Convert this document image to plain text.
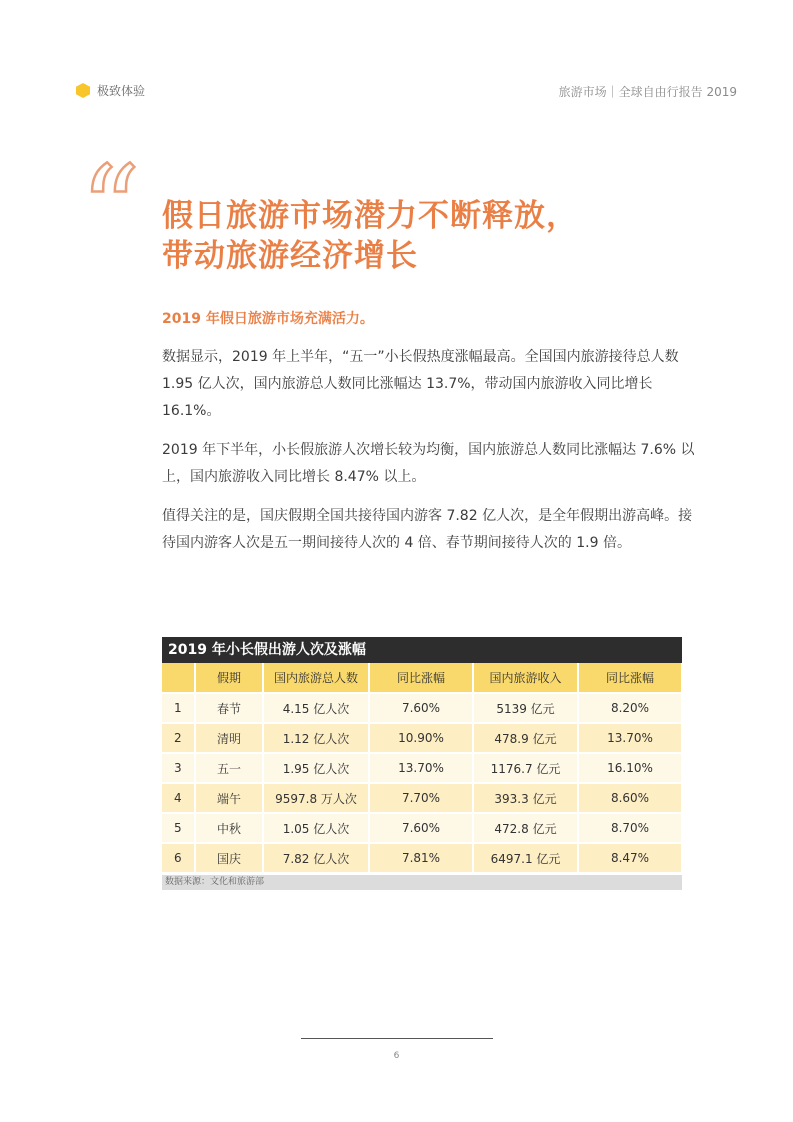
极致体验	旅游市场｜全球自由行报告 2019
“ 假日旅游市场潜力不断释放，
带动旅游经济增长
2019 年假日旅游市场充满活力。
数据显示，2019 年上半年，“五一”小长假热度涨幅最高。全国国内旅游接待总人数 1.95 亿人次，国内旅游总人数同比涨幅达 13.7%，带动国内旅游收入同比增长 16.1%。
2019 年下半年，小长假旅游人次增长较为均衡，国内旅游总人数同比涨幅达 7.6% 以上，国内旅游收入同比增长 8.47% 以上。
值得关注的是，国庆假期全国共接待国内游客 7.82 亿人次，是全年假期出游高峰。接待国内游客人次是五一期间接待人次的 4 倍、春节期间接待人次的 1.9 倍。
2019 年小长假出游人次及涨幅
	假期	国内旅游总人数	同比涨幅	国内旅游收入	同比涨幅
1	春节	4.15 亿人次	7.60%	5139 亿元	8.20%
2	清明	1.12 亿人次	10.90%	478.9 亿元	13.70%
3	五一	1.95 亿人次	13.70%	1176.7 亿元	16.10%
4	端午	9597.8 万人次	7.70%	393.3 亿元	8.60%
5	中秋	1.05 亿人次	7.60%	472.8 亿元	8.70%
6	国庆	7.82 亿人次	7.81%	6497.1 亿元	8.47%
数据来源：文化和旅游部
6
